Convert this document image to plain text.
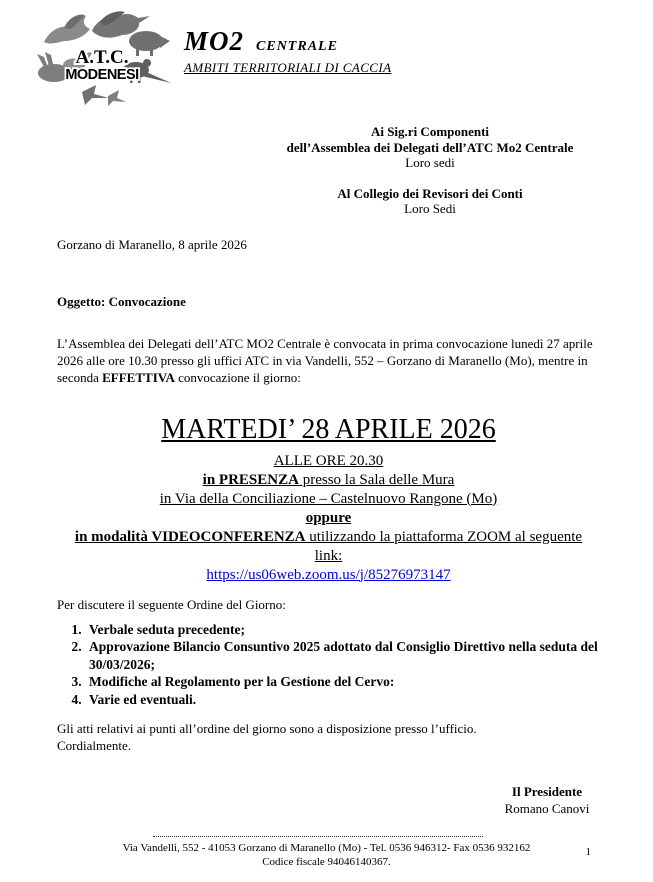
A.T.C.
MODENESI
MO2 CENTRALE
AMBITI TERRITORIALI DI CACCIA
Ai Sig.ri Componenti
dell’Assemblea dei Delegati dell’ATC Mo2 Centrale
Loro sedi
Al Collegio dei Revisori dei Conti
Loro Sedi
Gorzano di Maranello, 8 aprile 2026
Oggetto: Convocazione

L’Assemblea dei Delegati dell’ATC MO2 Centrale è convocata in prima convocazione lunedì 27 aprile 2026 alle ore 10.30 presso gli uffici ATC in via Vandelli, 552 – Gorzano di Maranello (Mo), mentre in seconda EFFETTIVA convocazione il giorno:

MARTEDI’ 28 APRILE 2026
ALLE ORE 20.30
in PRESENZA presso la Sala delle Mura
in Via della Conciliazione – Castelnuovo Rangone (Mo)
oppure
in modalità VIDEOCONFERENZA utilizzando la piattaforma ZOOM al seguente
link:
https://us06web.zoom.us/j/85276973147
Per discutere il seguente Ordine del Giorno:
1. Verbale seduta precedente;
2. Approvazione Bilancio Consuntivo 2025 adottato dal Consiglio Direttivo nella seduta del 30/03/2026;
3. Modifiche al Regolamento per la Gestione del Cervo:
4. Varie ed eventuali.
Gli atti relativi ai punti all’ordine del giorno sono a disposizione presso l’ufficio.
Cordialmente.
Il Presidente
Romano Canovi
Via Vandelli, 552 - 41053 Gorzano di Maranello (Mo) - Tel. 0536 946312- Fax 0536 932162
Codice fiscale 94046140367.
1
